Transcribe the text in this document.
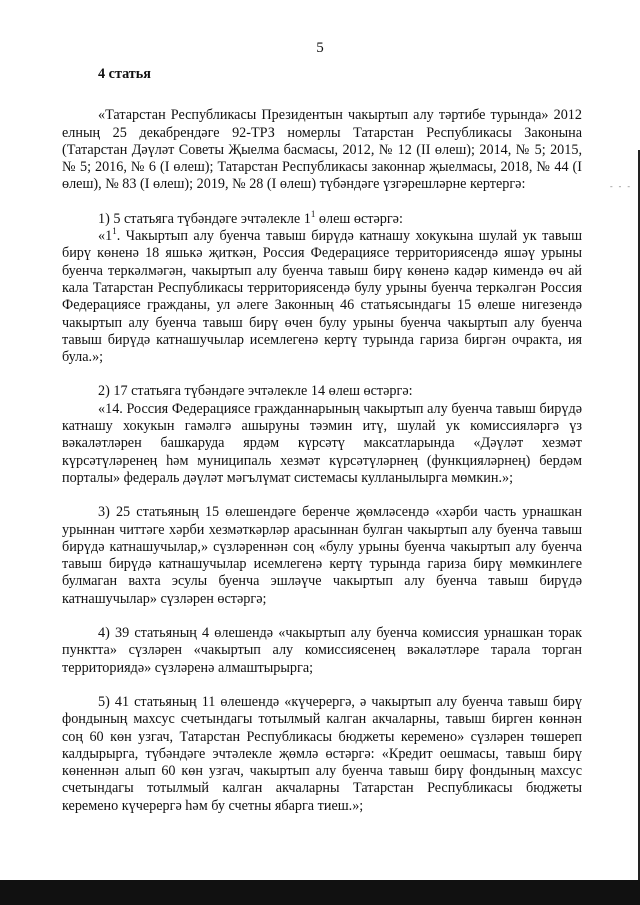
5
4 статья

«Татарстан Республикасы Президентын чакыртып алу тәртибе турында» 2012 елның 25 декабрендәге 92-ТРЗ номерлы Татарстан Республикасы Законына (Татарстан Дәүләт Советы Җыелма басмасы, 2012, № 12 (II өлеш); 2014, № 5; 2015, № 5; 2016, № 6 (I өлеш); Татарстан Республикасы законнар җыелмасы, 2018, № 44 (I өлеш), № 83 (I өлеш); 2019, № 28 (I өлеш) түбәндәге үзгәрешләрне кертергә:

1) 5 статьяга түбәндәге эчтәлекле $1^1$ өлеш өстәргә:

«$1^1$. Чакыртып алу буенча тавыш бирүдә катнашу хокукына шулай ук тавыш бирү көненә 18 яшькә җиткән, Россия Федерациясе территориясендә яшәү урыны буенча теркәлмәгән, чакыртып алу буенча тавыш бирү көненә кадәр кимендә өч ай кала Татарстан Республикасы территориясендә булу урыны буенча теркәлгән Россия Федерациясе гражданы, ул әлеге Законның 46 статьясындагы 15 өлеше нигезендә чакыртып алу буенча тавыш бирү өчен булу урыны буенча чакыртып алу буенча тавыш бирүдә катнашучылар исемлегенә кертү турында гариза биргән очракта, ия була.»;

2) 17 статьяга түбәндәге эчтәлекле 14 өлеш өстәргә:

«14. Россия Федерациясе гражданнарының чакыртып алу буенча тавыш бирүдә катнашу хокукын гамәлгә ашыруны тәэмин итү, шулай ук комиссияләргә үз вәкаләтләрен башкаруда ярдәм күрсәтү максатларында «Дәүләт хезмәт күрсәтүләренең һәм муниципаль хезмәт күрсәтүләрнең (функцияләрнең) бердәм порталы» федераль дәүләт мәгълүмат системасы кулланылырга мөмкин.»;

3) 25 статьяның 15 өлешендәге беренче җөмләсендә «хәрби часть урнашкан урыннан читтәге хәрби хезмәткәрләр арасыннан булган чакыртып алу буенча тавыш бирүдә катнашучылар,» сүзләреннән соң «булу урыны буенча чакыртып алу буенча тавыш бирүдә катнашучылар исемлегенә кертү турында гариза бирү мөмкинлеге булмаган вахта эсулы буенча эшләүче чакыртып алу буенча тавыш бирүдә катнашучылар» сүзләрен өстәргә;

4) 39 статьяның 4 өлешендә «чакыртып алу буенча комиссия урнашкан торак пунктта» сүзләрен «чакыртып алу комиссиясенең вәкаләтләре тарала торган территориядә» сүзләренә алмаштырырга;

5) 41 статьяның 11 өлешендә «күчерергә, ә чакыртып алу буенча тавыш бирү фондының махсус счетындагы тотылмый калган акчаларны, тавыш бирген көннән соң 60 көн узгач, Татарстан Республикасы бюджеты керемено» сүзләрен төшереп калдырырга, түбәндәге эчтәлекле җөмлә өстәргә: «Кредит оешмасы, тавыш бирү көненнән алып 60 көн узгач, чакыртып алу буенча тавыш бирү фондының махсус счетындагы тотылмый калган акчаларны Татарстан Республикасы бюджеты керемено күчерергә һәм бу счетны ябарга тиеш.»;

- - -
